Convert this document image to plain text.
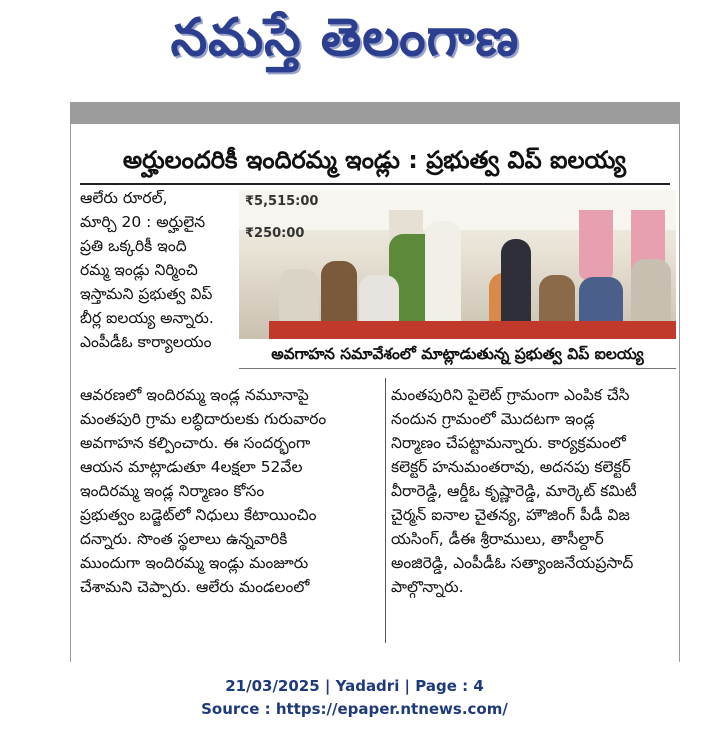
నమస్తే తెలంగాణ
అర్హులందరికీ ఇందిరమ్మ ఇండ్లు : ప్రభుత్వ విప్ ఐలయ్య

ఆలేరు రూరల్,

మార్చి 20 : అర్హులైన

ప్రతి ఒక్కరికీ ఇంది

రమ్మ ఇండ్లు నిర్మించి

ఇస్తామని ప్రభుత్వ విప్

బీర్ల ఐలయ్య అన్నారు.

ఎంపీడీఓ కార్యాలయం

₹5,515:00
₹250:00
అవగాహన సమావేశంలో మాట్లాడుతున్న ప్రభుత్వ విప్ ఐలయ్య

ఆవరణలో ఇందిరమ్మ ఇండ్ల నమూనాపై

మంతపురి గ్రామ లబ్ధిదారులకు గురువారం

అవగాహన కల్పించారు. ఈ సందర్భంగా

ఆయన మాట్లాడుతూ 4లక్షలా 52వేల

ఇందిరమ్మ ఇండ్ల నిర్మాణం కోసం

ప్రభుత్వం బడ్జెట్‌లో నిధులు కేటాయించిం

దన్నారు. సొంత స్థలాలు ఉన్నవారికి

ముందుగా ఇందిరమ్మ ఇండ్లు మంజూరు

చేశామని చెప్పారు. ఆలేరు మండలంలో

మంతపురిని పైలెట్ గ్రామంగా ఎంపిక చేసి

నందున గ్రామంలో మొదటగా ఇండ్ల

నిర్మాణం చేపట్టామన్నారు. కార్యక్రమంలో

కలెక్టర్ హనుమంతరావు, అదనపు కలెక్టర్

వీరారెడ్డి, ఆర్డీఓ కృష్ణారెడ్డి, మార్కెట్ కమిటీ

చైర్మన్ ఐనాల చైతన్య, హౌజింగ్ పీడీ విజ

యసింగ్, డీఈ శ్రీరాములు, తాసీల్దార్

అంజిరెడ్డి, ఎంపీడీఓ సత్యాంజనేయప్రసాద్

పాల్గొన్నారు.

21/03/2025 | Yadadri | Page : 4
Source : https://epaper.ntnews.com/
